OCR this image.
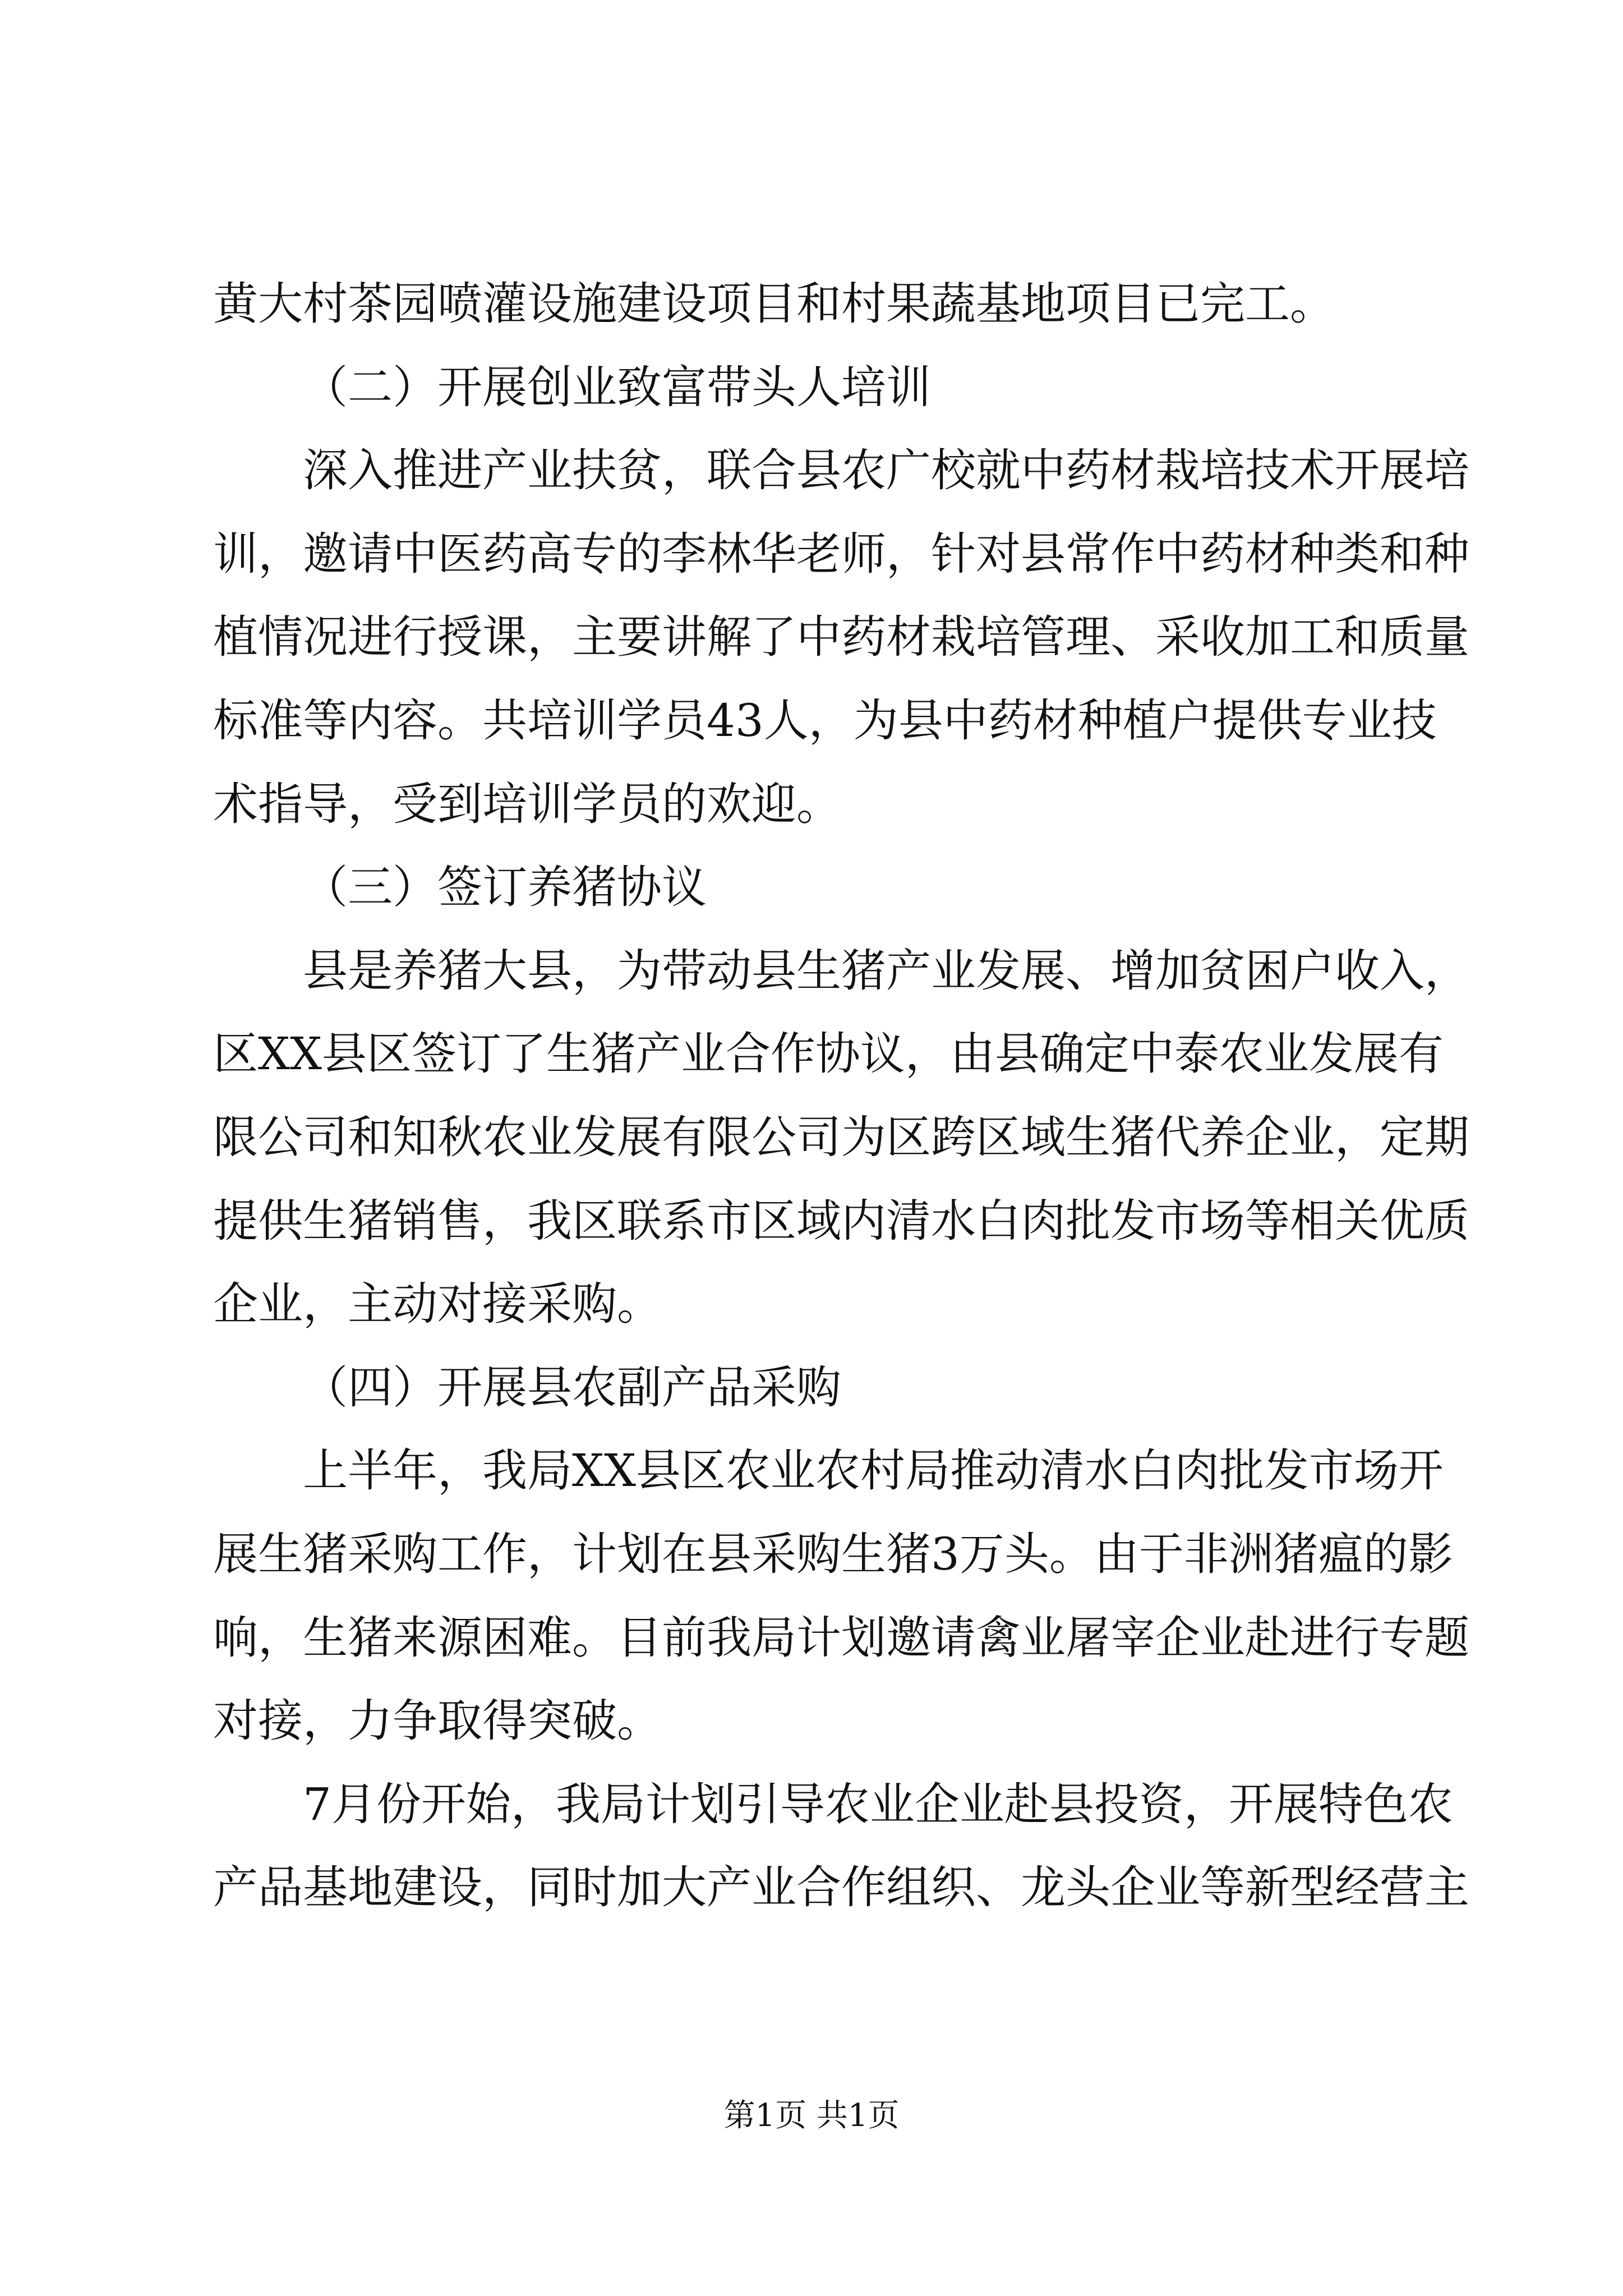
黄大村茶园喷灌设施建设项目和村果蔬基地项目已完工。
（二）开展创业致富带头人培训
深入推进产业扶贫，联合县农广校就中药材栽培技术开展培
训，邀请中医药高专的李林华老师，针对县常作中药材种类和种
植情况进行授课，主要讲解了中药材栽培管理、采收加工和质量
标准等内容。共培训学员43人，为县中药材种植户提供专业技
术指导，受到培训学员的欢迎。
（三）签订养猪协议
县是养猪大县，为带动县生猪产业发展、增加贫困户收入，
区XX县区签订了生猪产业合作协议，由县确定中泰农业发展有
限公司和知秋农业发展有限公司为区跨区域生猪代养企业，定期
提供生猪销售，我区联系市区域内清水白肉批发市场等相关优质
企业，主动对接采购。
（四）开展县农副产品采购
上半年，我局XX县区农业农村局推动清水白肉批发市场开
展生猪采购工作，计划在县采购生猪3万头。由于非洲猪瘟的影
响，生猪来源困难。目前我局计划邀请禽业屠宰企业赴进行专题
对接，力争取得突破。
7月份开始，我局计划引导农业企业赴县投资，开展特色农
产品基地建设，同时加大产业合作组织、龙头企业等新型经营主
第1页 共1页
